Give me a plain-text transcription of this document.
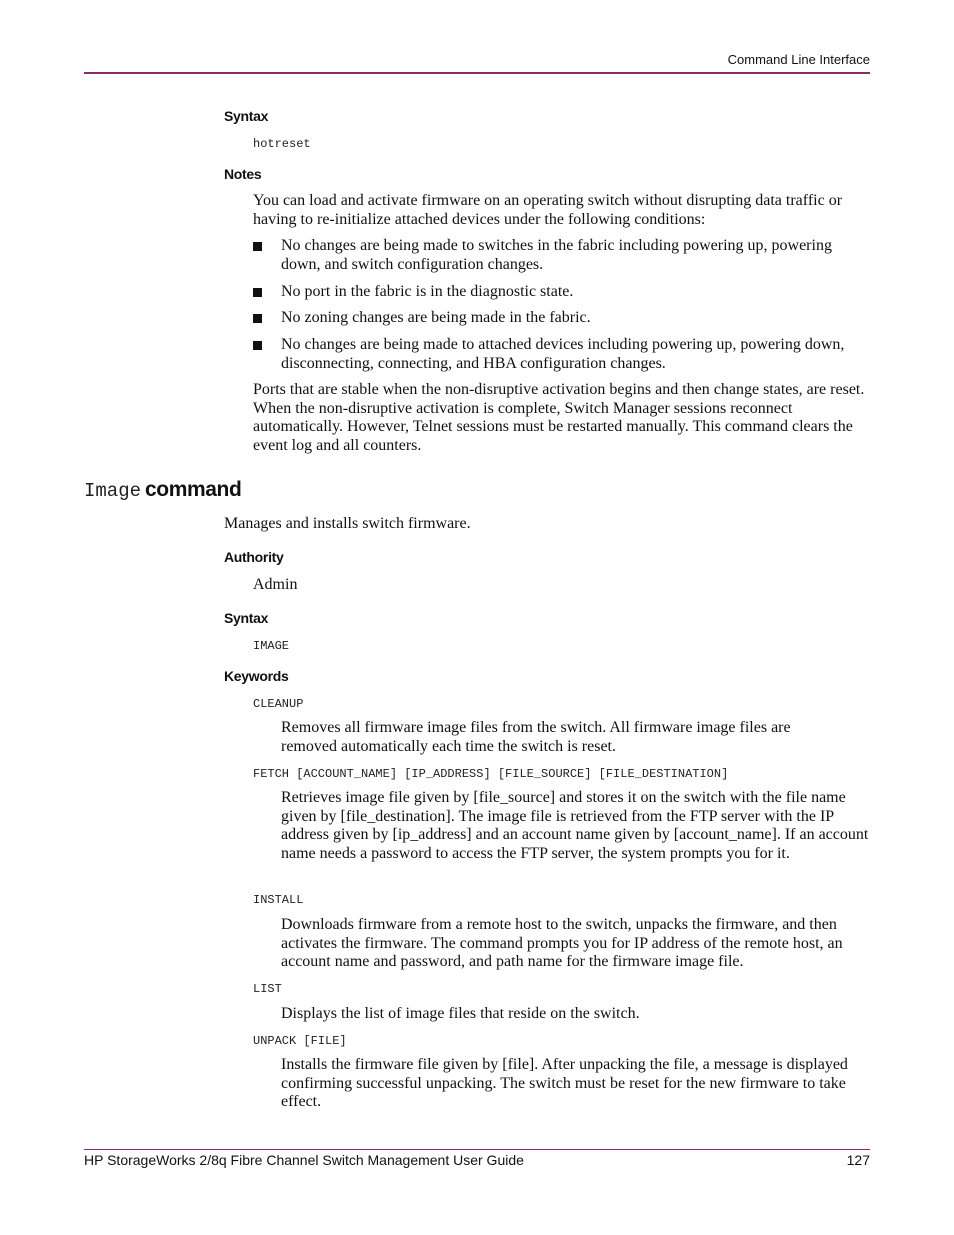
Command Line Interface
Syntax
hotreset
Notes

You can load and activate firmware on an operating switch without disrupting data traffic or having to re-initialize attached devices under the following conditions:

No changes are being made to switches in the fabric including powering up, powering down, and switch configuration changes.

No port in the fabric is in the diagnostic state.

No zoning changes are being made in the fabric.

No changes are being made to attached devices including powering up, powering down, disconnecting, connecting, and HBA configuration changes.

Ports that are stable when the non-disruptive activation begins and then change states, are reset. When the non-disruptive activation is complete, Switch Manager sessions reconnect automatically. However, Telnet sessions must be restarted manually. This command clears the event log and all counters.

Image command

Manages and installs switch firmware.

Authority

Admin

Syntax
IMAGE
Keywords
CLEANUP

Removes all firmware image files from the switch. All firmware image files are removed automatically each time the switch is reset.

FETCH [ACCOUNT_NAME] [IP_ADDRESS] [FILE_SOURCE] [FILE_DESTINATION]

Retrieves image file given by [file_source] and stores it on the switch with the file name given by [file_destination]. The image file is retrieved from the FTP server with the IP address given by [ip_address] and an account name given by [account_name]. If an account name needs a password to access the FTP server, the system prompts you for it.

INSTALL

Downloads firmware from a remote host to the switch, unpacks the firmware, and then activates the firmware. The command prompts you for IP address of the remote host, an account name and password, and path name for the firmware image file.

LIST

Displays the list of image files that reside on the switch.

UNPACK [FILE]

Installs the firmware file given by [file]. After unpacking the file, a message is displayed confirming successful unpacking. The switch must be reset for the new firmware to take effect.

HP StorageWorks 2/8q Fibre Channel Switch Management User Guide	127
